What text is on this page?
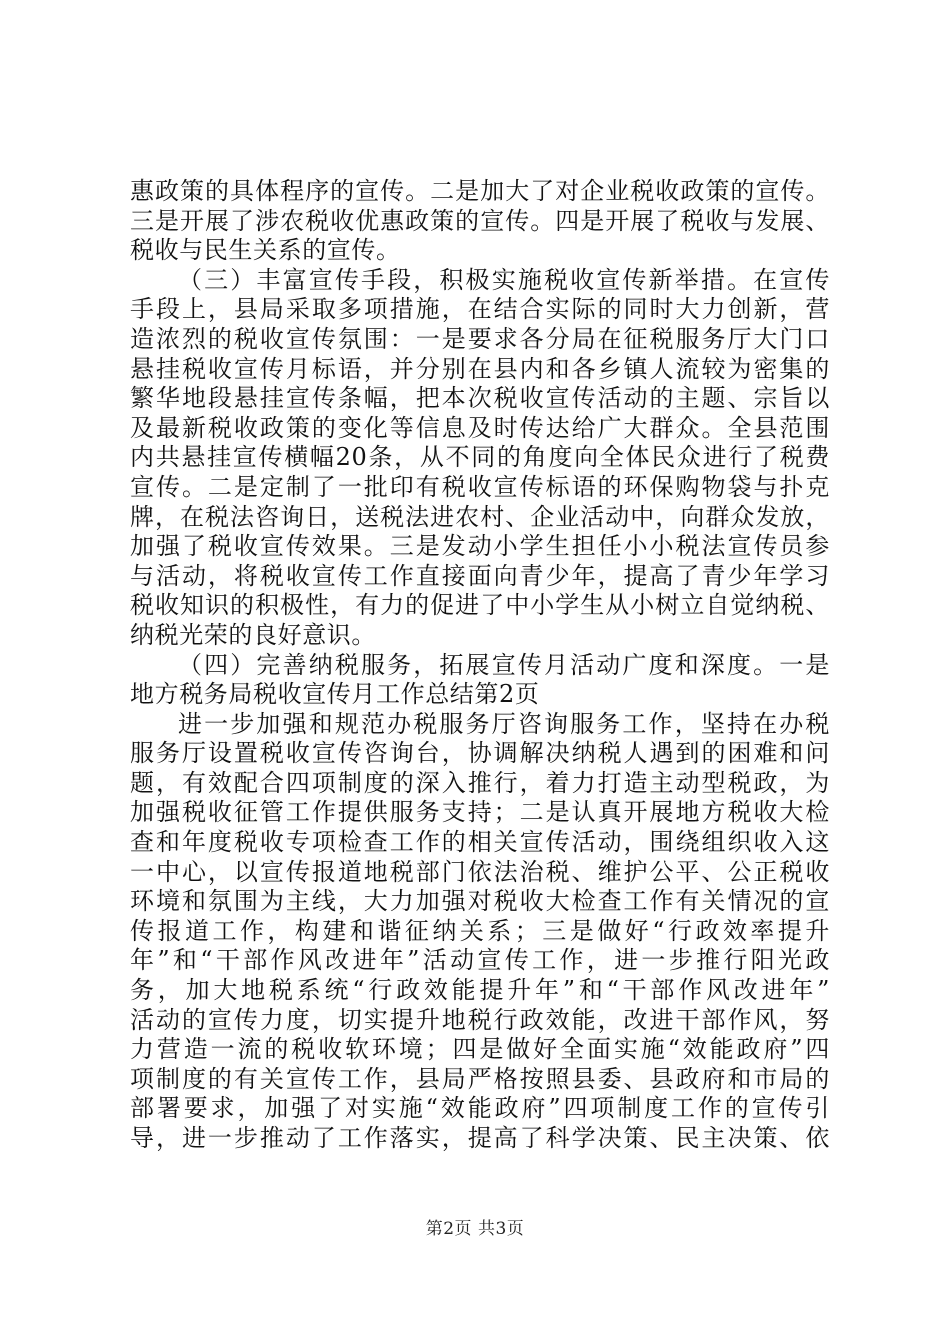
惠政策的具体程序的宣传。二是加大了对企业税收政策的宣传。
三是开展了涉农税收优惠政策的宣传。四是开展了税收与发展、
税收与民生关系的宣传。
（三）丰富宣传手段，积极实施税收宣传新举措。在宣传
手段上，县局采取多项措施，在结合实际的同时大力创新，营
造浓烈的税收宣传氛围：一是要求各分局在征税服务厅大门口
悬挂税收宣传月标语，并分别在县内和各乡镇人流较为密集的
繁华地段悬挂宣传条幅，把本次税收宣传活动的主题、宗旨以
及最新税收政策的变化等信息及时传达给广大群众。全县范围
内共悬挂宣传横幅20条，从不同的角度向全体民众进行了税费
宣传。二是定制了一批印有税收宣传标语的环保购物袋与扑克
牌，在税法咨询日，送税法进农村、企业活动中，向群众发放，
加强了税收宣传效果。三是发动小学生担任小小税法宣传员参
与活动，将税收宣传工作直接面向青少年，提高了青少年学习
税收知识的积极性，有力的促进了中小学生从小树立自觉纳税、
纳税光荣的良好意识。
（四）完善纳税服务，拓展宣传月活动广度和深度。一是
地方税务局税收宣传月工作总结第2页
进一步加强和规范办税服务厅咨询服务工作，坚持在办税
服务厅设置税收宣传咨询台，协调解决纳税人遇到的困难和问
题，有效配合四项制度的深入推行，着力打造主动型税政，为
加强税收征管工作提供服务支持；二是认真开展地方税收大检
查和年度税收专项检查工作的相关宣传活动，围绕组织收入这
一中心，以宣传报道地税部门依法治税、维护公平、公正税收
环境和氛围为主线，大力加强对税收大检查工作有关情况的宣
传报道工作，构建和谐征纳关系；三是做好“行政效率提升
年”和“干部作风改进年”活动宣传工作，进一步推行阳光政
务，加大地税系统“行政效能提升年”和“干部作风改进年”
活动的宣传力度，切实提升地税行政效能，改进干部作风，努
力营造一流的税收软环境；四是做好全面实施“效能政府”四
项制度的有关宣传工作，县局严格按照县委、县政府和市局的
部署要求，加强了对实施“效能政府”四项制度工作的宣传引
导，进一步推动了工作落实，提高了科学决策、民主决策、依
第2页 共3页
